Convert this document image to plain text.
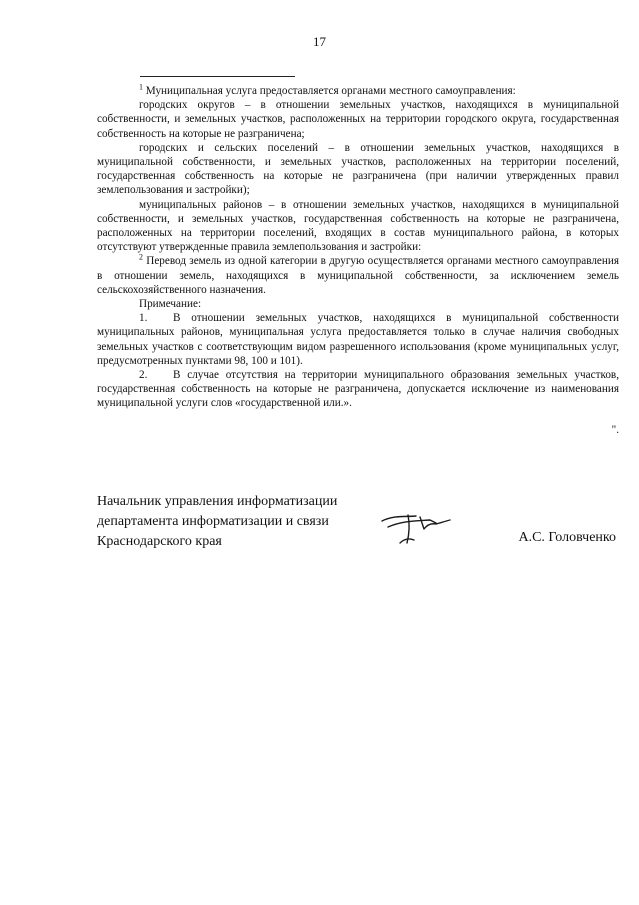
17

$^1$ Муниципальная услуга предоставляется органами местного самоуправления:

городских округов – в отношении земельных участков, находящихся в муниципальной собственности, и земельных участков, расположенных на территории городского округа, государственная собственность на которые не разграничена;

городских и сельских поселений – в отношении земельных участков, находящихся в муниципальной собственности, и земельных участков, расположенных на территории поселений, государственная собственность на которые не разграничена (при наличии утвержденных правил землепользования и застройки);

муниципальных районов – в отношении земельных участков, находящихся в муниципальной собственности, и земельных участков, государственная собственность на которые не разграничена, расположенных на территории поселений, входящих в состав муниципального района, в которых отсутствуют утвержденные правила землепользования и застройки:

$^2$ Перевод земель из одной категории в другую осуществляется органами местного самоуправления в отношении земель, находящихся в муниципальной собственности, за исключением земель сельскохозяйственного назначения.

Примечание:

1. В отношении земельных участков, находящихся в муниципальной собственности муниципальных районов, муниципальная услуга предоставляется только в случае наличия свободных земельных участков с соответствующим видом разрешенного использования (кроме муниципальных услуг, предусмотренных пунктами 98, 100 и 101).

2. В случае отсутствия на территории муниципального образования земельных участков, государственная собственность на которые не разграничена, допускается исключение из наименования муниципальной услуги слов «государственной или.».

".

Начальник управления информатизации
департамента информатизации и связи
Краснодарского края	А.С. Головченко
